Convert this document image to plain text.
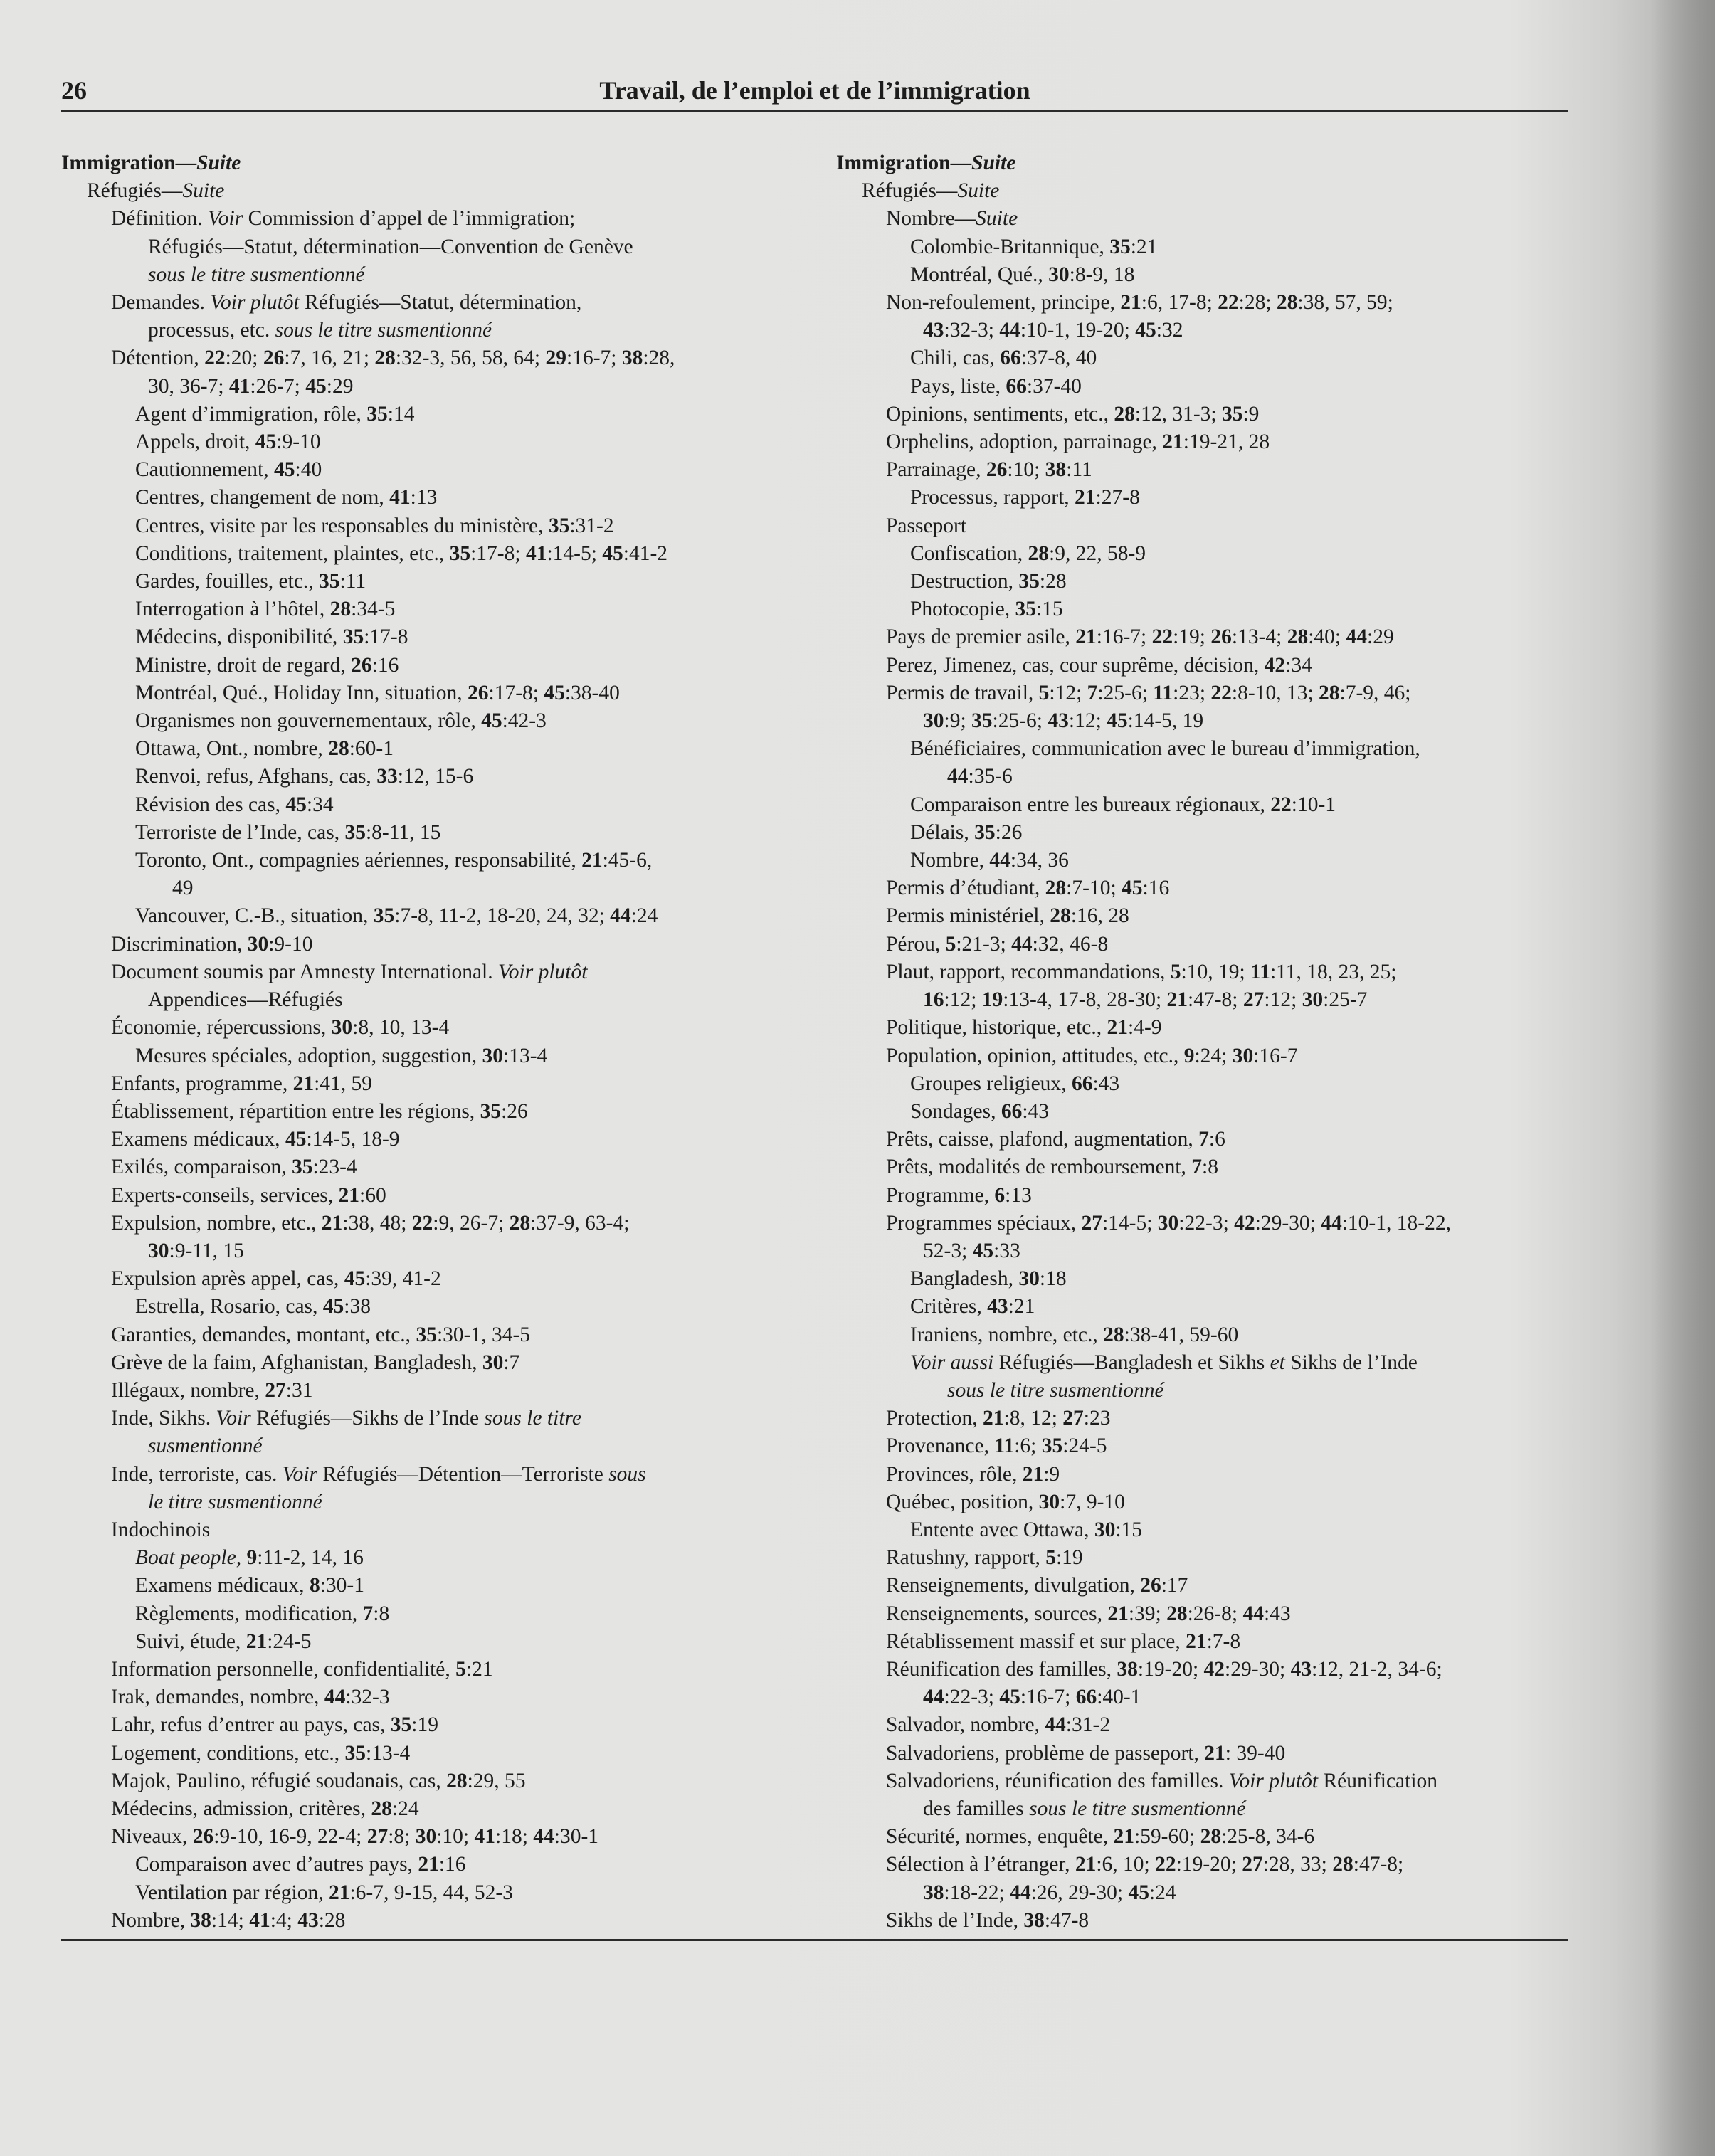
26	Travail, de l’emploi et de l’immigration

Immigration—Suite

Réfugiés—Suite

Définition. Voir Commission d’appel de l’immigration;

Réfugiés—Statut, détermination—Convention de Genève

sous le titre susmentionné

Demandes. Voir plutôt Réfugiés—Statut, détermination,

processus, etc. sous le titre susmentionné

Détention, 22:20; 26:7, 16, 21; 28:32-3, 56, 58, 64; 29:16-7; 38:28,

30, 36-7; 41:26-7; 45:29

Agent d’immigration, rôle, 35:14

Appels, droit, 45:9-10

Cautionnement, 45:40

Centres, changement de nom, 41:13

Centres, visite par les responsables du ministère, 35:31-2

Conditions, traitement, plaintes, etc., 35:17-8; 41:14-5; 45:41-2

Gardes, fouilles, etc., 35:11

Interrogation à l’hôtel, 28:34-5

Médecins, disponibilité, 35:17-8

Ministre, droit de regard, 26:16

Montréal, Qué., Holiday Inn, situation, 26:17-8; 45:38-40

Organismes non gouvernementaux, rôle, 45:42-3

Ottawa, Ont., nombre, 28:60-1

Renvoi, refus, Afghans, cas, 33:12, 15-6

Révision des cas, 45:34

Terroriste de l’Inde, cas, 35:8-11, 15

Toronto, Ont., compagnies aériennes, responsabilité, 21:45-6,

49

Vancouver, C.-B., situation, 35:7-8, 11-2, 18-20, 24, 32; 44:24

Discrimination, 30:9-10

Document soumis par Amnesty International. Voir plutôt

Appendices—Réfugiés

Économie, répercussions, 30:8, 10, 13-4

Mesures spéciales, adoption, suggestion, 30:13-4

Enfants, programme, 21:41, 59

Établissement, répartition entre les régions, 35:26

Examens médicaux, 45:14-5, 18-9

Exilés, comparaison, 35:23-4

Experts-conseils, services, 21:60

Expulsion, nombre, etc., 21:38, 48; 22:9, 26-7; 28:37-9, 63-4;

30:9-11, 15

Expulsion après appel, cas, 45:39, 41-2

Estrella, Rosario, cas, 45:38

Garanties, demandes, montant, etc., 35:30-1, 34-5

Grève de la faim, Afghanistan, Bangladesh, 30:7

Illégaux, nombre, 27:31

Inde, Sikhs. Voir Réfugiés—Sikhs de l’Inde sous le titre

susmentionné

Inde, terroriste, cas. Voir Réfugiés—Détention—Terroriste sous

le titre susmentionné

Indochinois

Boat people, 9:11-2, 14, 16

Examens médicaux, 8:30-1

Règlements, modification, 7:8

Suivi, étude, 21:24-5

Information personnelle, confidentialité, 5:21

Irak, demandes, nombre, 44:32-3

Lahr, refus d’entrer au pays, cas, 35:19

Logement, conditions, etc., 35:13-4

Majok, Paulino, réfugié soudanais, cas, 28:29, 55

Médecins, admission, critères, 28:24

Niveaux, 26:9-10, 16-9, 22-4; 27:8; 30:10; 41:18; 44:30-1

Comparaison avec d’autres pays, 21:16

Ventilation par région, 21:6-7, 9-15, 44, 52-3

Nombre, 38:14; 41:4; 43:28

Immigration—Suite

Réfugiés—Suite

Nombre—Suite

Colombie-Britannique, 35:21

Montréal, Qué., 30:8-9, 18

Non-refoulement, principe, 21:6, 17-8; 22:28; 28:38, 57, 59;

43:32-3; 44:10-1, 19-20; 45:32

Chili, cas, 66:37-8, 40

Pays, liste, 66:37-40

Opinions, sentiments, etc., 28:12, 31-3; 35:9

Orphelins, adoption, parrainage, 21:19-21, 28

Parrainage, 26:10; 38:11

Processus, rapport, 21:27-8

Passeport

Confiscation, 28:9, 22, 58-9

Destruction, 35:28

Photocopie, 35:15

Pays de premier asile, 21:16-7; 22:19; 26:13-4; 28:40; 44:29

Perez, Jimenez, cas, cour suprême, décision, 42:34

Permis de travail, 5:12; 7:25-6; 11:23; 22:8-10, 13; 28:7-9, 46;

30:9; 35:25-6; 43:12; 45:14-5, 19

Bénéficiaires, communication avec le bureau d’immigration,

44:35-6

Comparaison entre les bureaux régionaux, 22:10-1

Délais, 35:26

Nombre, 44:34, 36

Permis d’étudiant, 28:7-10; 45:16

Permis ministériel, 28:16, 28

Pérou, 5:21-3; 44:32, 46-8

Plaut, rapport, recommandations, 5:10, 19; 11:11, 18, 23, 25;

16:12; 19:13-4, 17-8, 28-30; 21:47-8; 27:12; 30:25-7

Politique, historique, etc., 21:4-9

Population, opinion, attitudes, etc., 9:24; 30:16-7

Groupes religieux, 66:43

Sondages, 66:43

Prêts, caisse, plafond, augmentation, 7:6

Prêts, modalités de remboursement, 7:8

Programme, 6:13

Programmes spéciaux, 27:14-5; 30:22-3; 42:29-30; 44:10-1, 18-22,

52-3; 45:33

Bangladesh, 30:18

Critères, 43:21

Iraniens, nombre, etc., 28:38-41, 59-60

Voir aussi Réfugiés—Bangladesh et Sikhs et Sikhs de l’Inde

sous le titre susmentionné

Protection, 21:8, 12; 27:23

Provenance, 11:6; 35:24-5

Provinces, rôle, 21:9

Québec, position, 30:7, 9-10

Entente avec Ottawa, 30:15

Ratushny, rapport, 5:19

Renseignements, divulgation, 26:17

Renseignements, sources, 21:39; 28:26-8; 44:43

Rétablissement massif et sur place, 21:7-8

Réunification des familles, 38:19-20; 42:29-30; 43:12, 21-2, 34-6;

44:22-3; 45:16-7; 66:40-1

Salvador, nombre, 44:31-2

Salvadoriens, problème de passeport, 21: 39-40

Salvadoriens, réunification des familles. Voir plutôt Réunification

des familles sous le titre susmentionné

Sécurité, normes, enquête, 21:59-60; 28:25-8, 34-6

Sélection à l’étranger, 21:6, 10; 22:19-20; 27:28, 33; 28:47-8;

38:18-22; 44:26, 29-30; 45:24

Sikhs de l’Inde, 38:47-8
